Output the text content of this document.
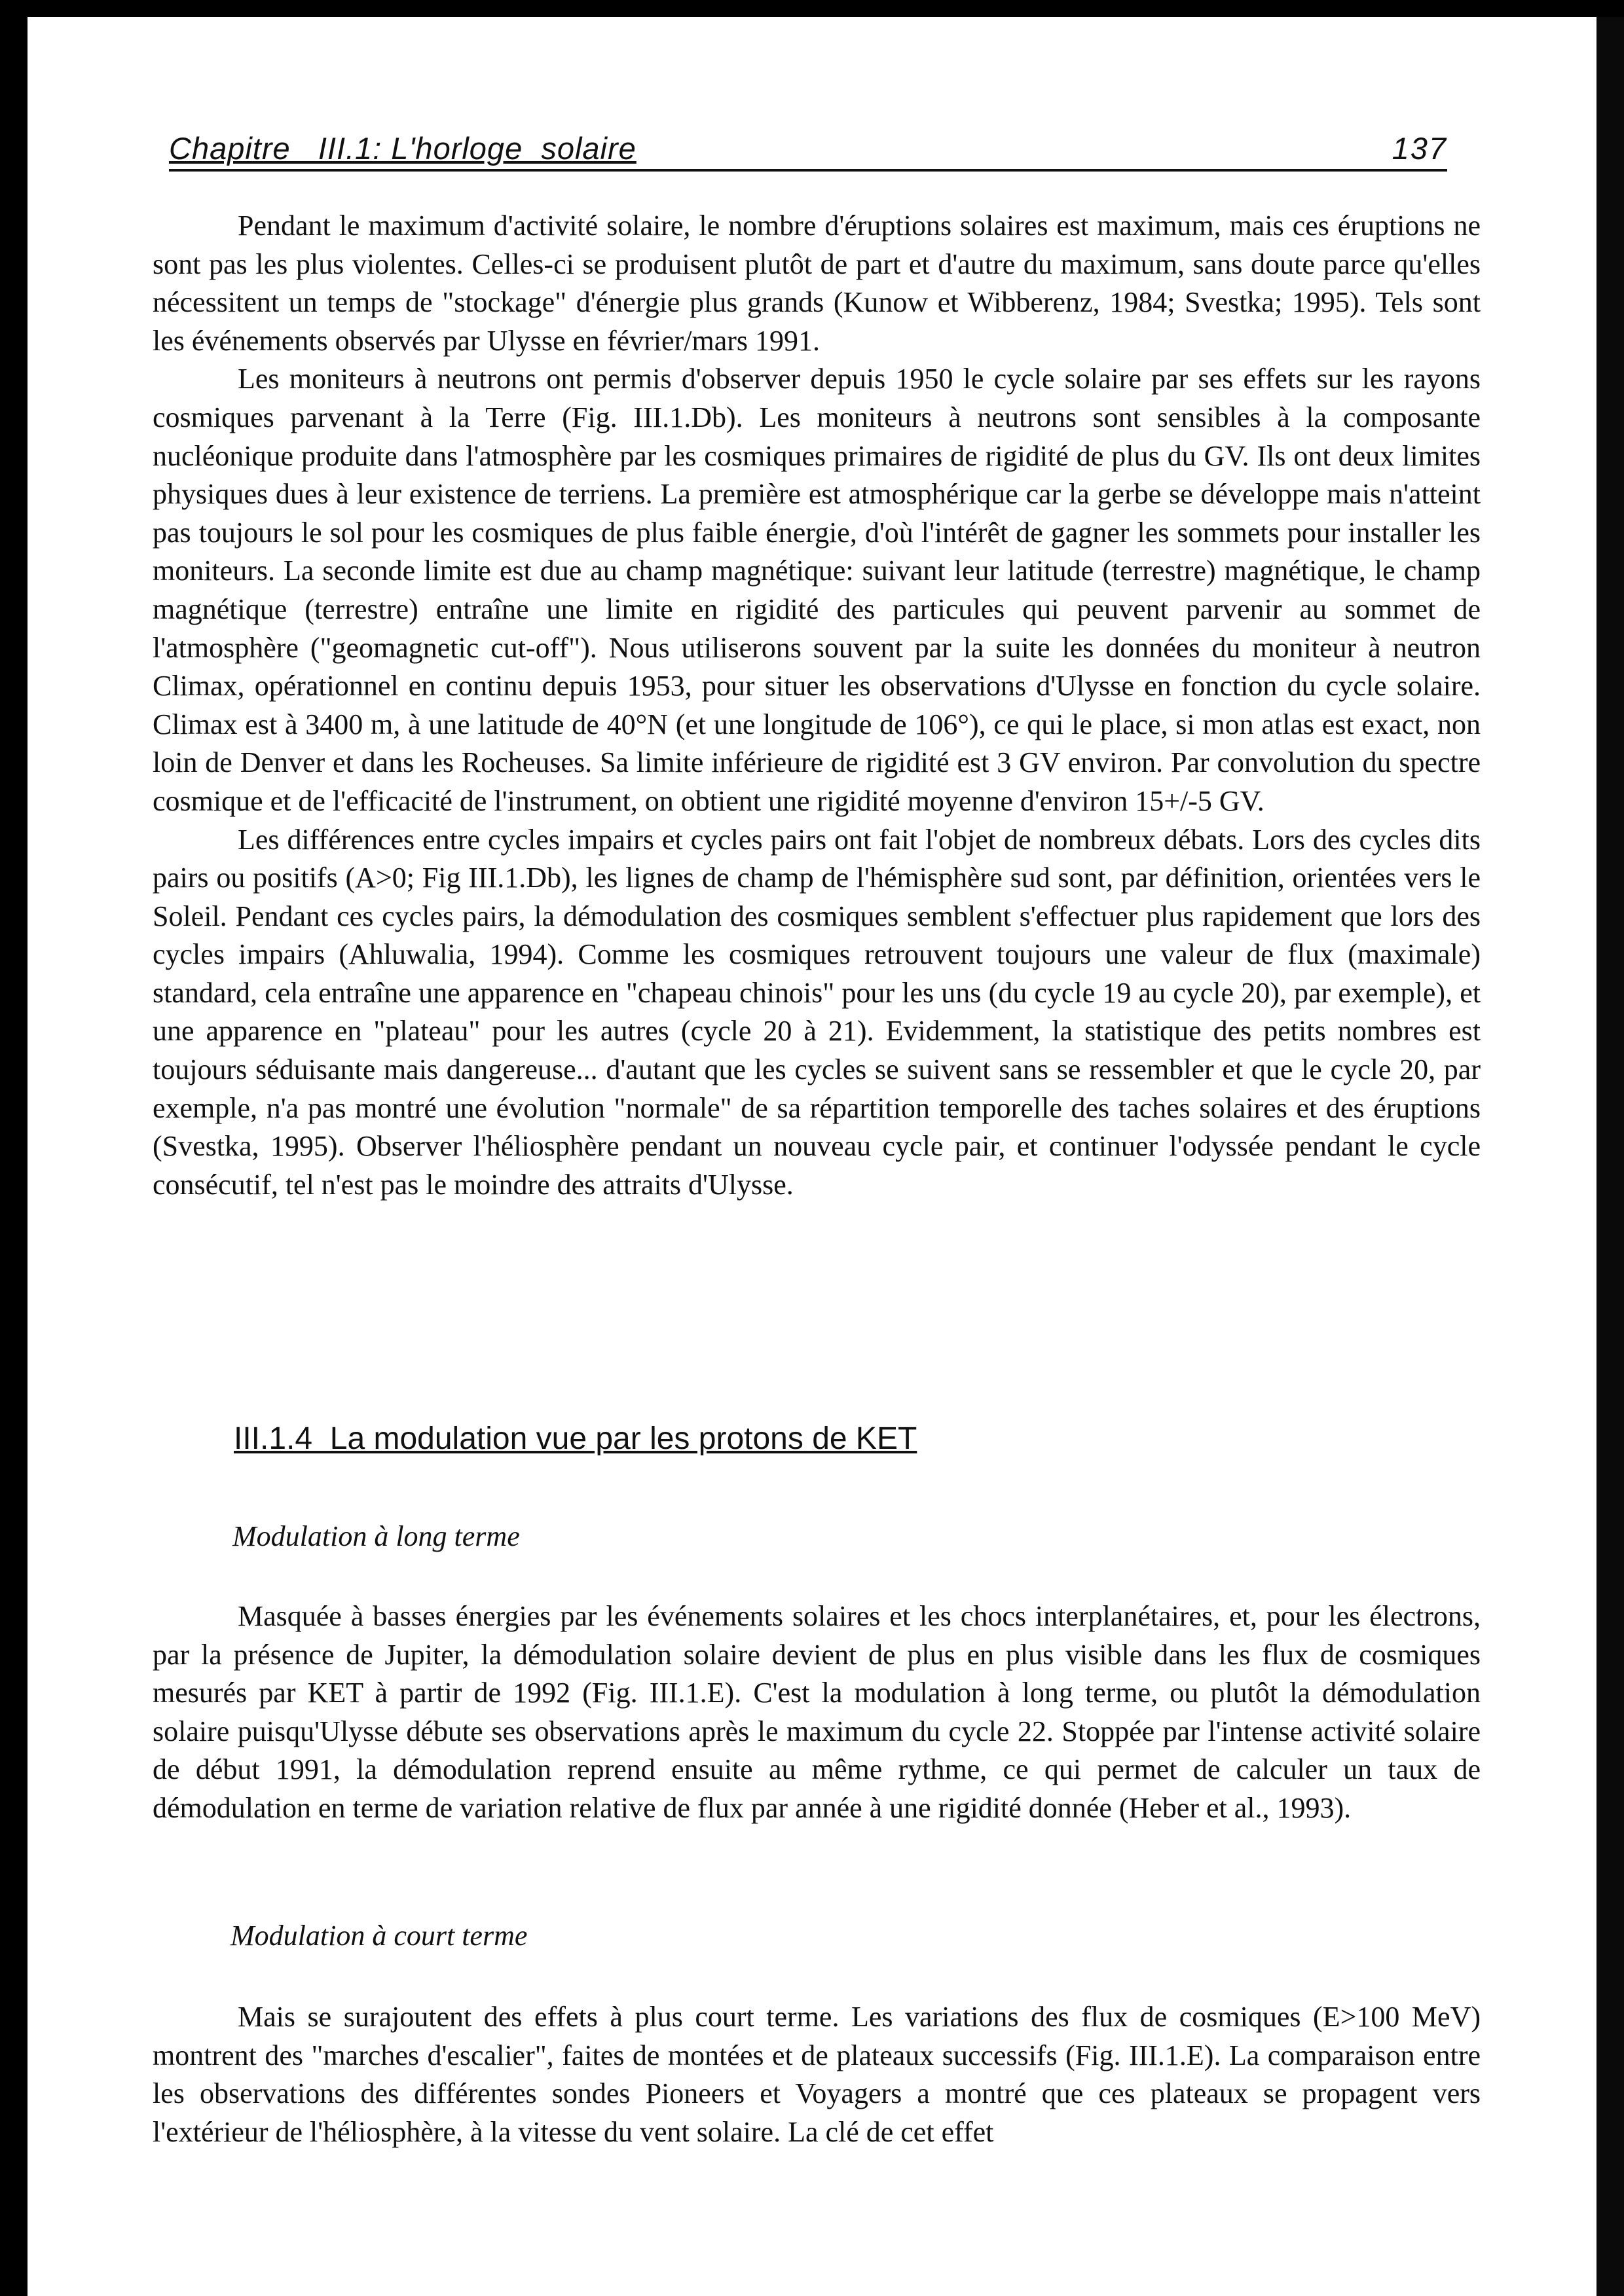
Chapitre   III.1: L'horloge  solaire	137

Pendant le maximum d'activité solaire, le nombre d'éruptions solaires est maximum, mais ces éruptions ne sont pas les plus violentes. Celles-ci se produisent plutôt de part et d'autre du maximum, sans doute parce qu'elles nécessitent un temps de "stockage" d'énergie plus grands (Kunow et Wibberenz, 1984; Svestka; 1995). Tels sont les événements observés par Ulysse en février/mars 1991.

Les moniteurs à neutrons ont permis d'observer depuis 1950 le cycle solaire par ses effets sur les rayons cosmiques parvenant à la Terre (Fig. III.1.Db). Les moniteurs à neutrons sont sensibles à la composante nucléonique produite dans l'atmosphère par les cosmiques primaires de rigidité de plus du GV. Ils ont deux limites physiques dues à leur existence de terriens. La première est atmosphérique car la gerbe se développe mais n'atteint pas toujours le sol pour les cosmiques de plus faible énergie, d'où l'intérêt de gagner les sommets pour installer les moniteurs. La seconde limite est due au champ magnétique: suivant leur latitude (terrestre) magnétique, le champ magnétique (terrestre) entraîne une limite en rigidité des particules qui peuvent parvenir au sommet de l'atmosphère ("geomagnetic cut-off"). Nous utiliserons souvent par la suite les données du moniteur à neutron Climax, opérationnel en continu depuis 1953, pour situer les observations d'Ulysse en fonction du cycle solaire. Climax est à 3400 m, à une latitude de 40°N (et une longitude de 106°), ce qui le place, si mon atlas est exact, non loin de Denver et dans les Rocheuses. Sa limite inférieure de rigidité est 3 GV environ. Par convolution du spectre cosmique et de l'efficacité de l'instrument, on obtient une rigidité moyenne d'environ 15+/-5 GV.

Les différences entre cycles impairs et cycles pairs ont fait l'objet de nombreux débats. Lors des cycles dits pairs ou positifs (A>0; Fig III.1.Db), les lignes de champ de l'hémisphère sud sont, par définition, orientées vers le Soleil. Pendant ces cycles pairs, la démodulation des cosmiques semblent s'effectuer plus rapidement que lors des cycles impairs (Ahluwalia, 1994). Comme les cosmiques retrouvent toujours une valeur de flux (maximale) standard, cela entraîne une apparence en "chapeau chinois" pour les uns (du cycle 19 au cycle 20), par exemple), et une apparence en "plateau" pour les autres (cycle 20 à 21). Evidemment, la statistique des petits nombres est toujours séduisante mais dangereuse... d'autant que les cycles se suivent sans se ressembler et que le cycle 20, par exemple, n'a pas montré une évolution "normale" de sa répartition temporelle des taches solaires et des éruptions (Svestka, 1995). Observer l'héliosphère pendant un nouveau cycle pair, et continuer l'odyssée pendant le cycle consécutif, tel n'est pas le moindre des attraits d'Ulysse.

III.1.4  La modulation vue par les protons de KET
Modulation à long terme

Masquée à basses énergies par les événements solaires et les chocs interplanétaires, et, pour les électrons, par la présence de Jupiter, la démodulation solaire devient de plus en plus visible dans les flux de cosmiques mesurés par KET à partir de 1992 (Fig. III.1.E). C'est la modulation à long terme, ou plutôt la démodulation solaire puisqu'Ulysse débute ses observations après le maximum du cycle 22. Stoppée par l'intense activité solaire de début 1991, la démodulation reprend ensuite au même rythme, ce qui permet de calculer un taux de démodulation en terme de variation relative de flux par année à une rigidité donnée (Heber et al., 1993).

Modulation à court terme

Mais se surajoutent des effets à plus court terme. Les variations des flux de cosmiques (E>100 MeV) montrent des "marches d'escalier", faites de montées et de plateaux successifs (Fig. III.1.E). La comparaison entre les observations des différentes sondes Pioneers et Voyagers a montré que ces plateaux se propagent vers l'extérieur de l'héliosphère, à la vitesse du vent solaire. La clé de cet effet
